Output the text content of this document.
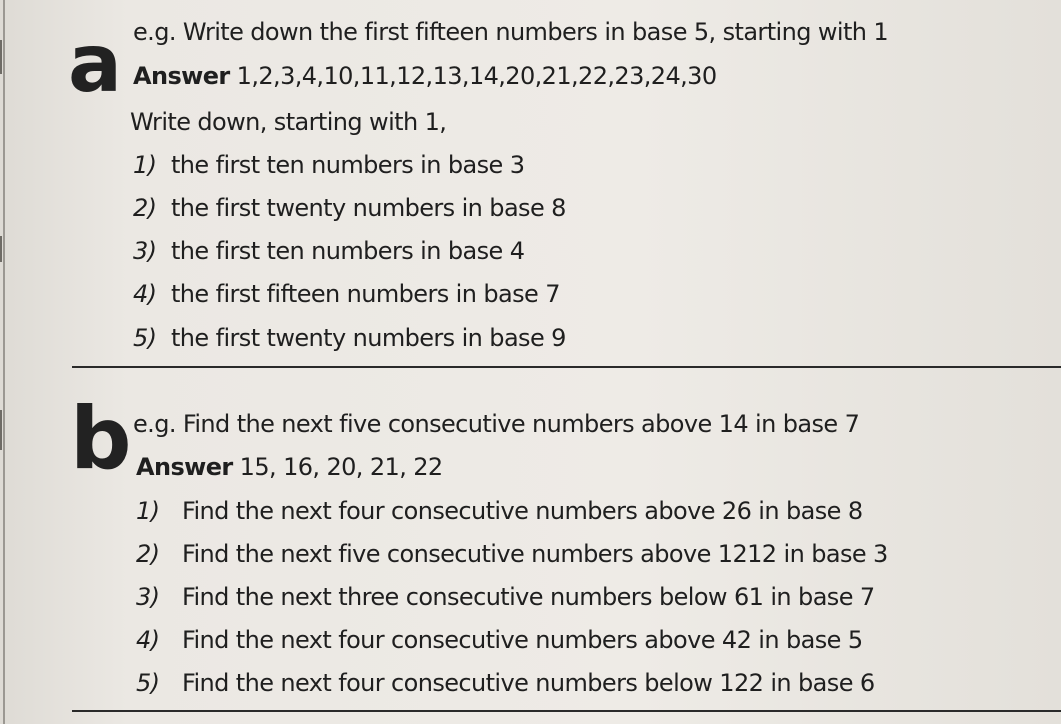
a e.g. Write down the first fifteen numbers in base 5, starting with 1
Answer 1,2,3,4,10,11,12,13,14,20,21,22,23,24,30
Write down, starting with 1,
1) the first ten numbers in base 3
2) the first twenty numbers in base 8
3) the first ten numbers in base 4
4) the first fifteen numbers in base 7
5) the first twenty numbers in base 9
b e.g. Find the next five consecutive numbers above 14 in base 7
Answer 15, 16, 20, 21, 22
1) Find the next four consecutive numbers above 26 in base 8
2) Find the next five consecutive numbers above 1212 in base 3
3) Find the next three consecutive numbers below 61 in base 7
4) Find the next four consecutive numbers above 42 in base 5
5) Find the next four consecutive numbers below 122 in base 6
